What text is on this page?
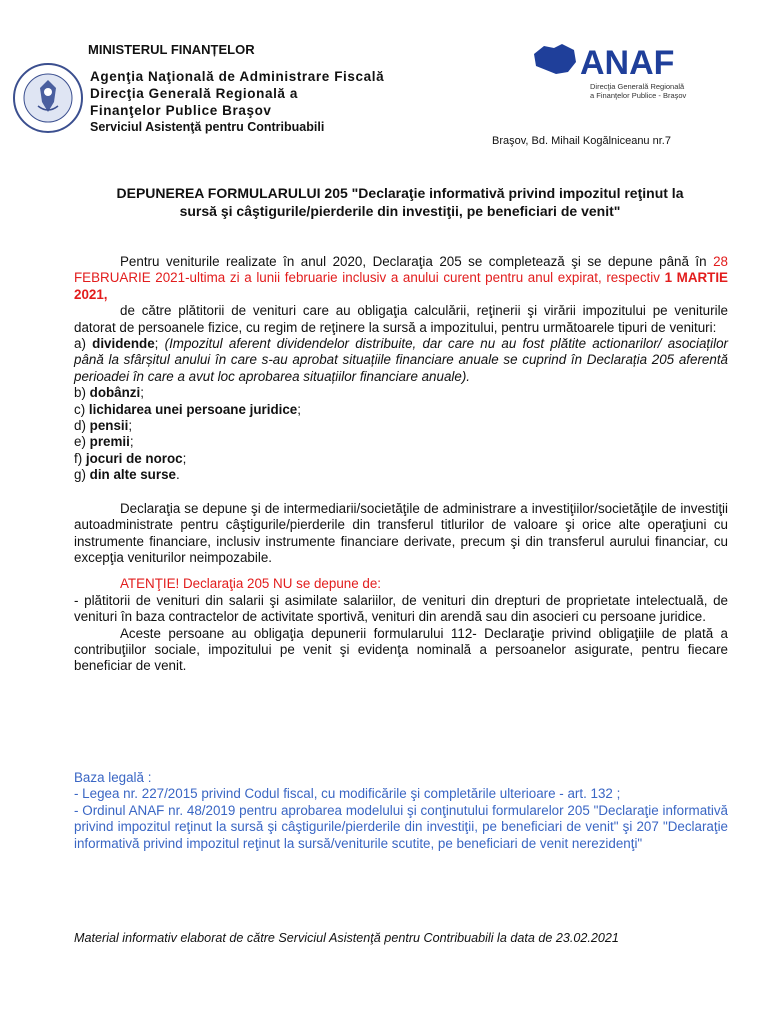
MINISTERUL FINANȚELOR
Agenţia Naţională de Administrare Fiscală
Direcţia Generală Regională a
Finanţelor Publice Braşov
Serviciul Asistenţă pentru Contribuabili
ANAF
Direcţia Generală Regională
a Finanţelor Publice - Braşov
Braşov, Bd. Mihail Kogălniceanu nr.7
DEPUNEREA FORMULARULUI 205 "Declaraţie informativă privind impozitul reţinut la
sursă şi câştigurile/pierderile din investiţii, pe beneficiari de venit"

Pentru veniturile realizate în anul 2020, Declaraţia 205 se completează şi se depune până în 28 FEBRUARIE 2021-ultima zi a lunii februarie inclusiv a anului curent pentru anul expirat, respectiv 1 MARTIE 2021,

de către plătitorii de venituri care au obligaţia calculării, reţinerii şi virării impozitului pe veniturile datorat de persoanele fizice, cu regim de reţinere la sursă a impozitului, pentru următoarele tipuri de venituri:

a) dividende; (Impozitul aferent dividendelor distribuite, dar care nu au fost plătite actionarilor/ asociaților până la sfârșitul anului în care s-au aprobat situațiile financiare anuale se cuprind în Declarația 205 aferentă perioadei în care a avut loc aprobarea situațiilor financiare anuale).

b) dobânzi;

c) lichidarea unei persoane juridice;

d) pensii;

e) premii;

f) jocuri de noroc;

g) din alte surse.

Declaraţia se depune şi de intermediarii/societăţile de administrare a investiţiilor/societăţile de investiţii autoadministrate pentru câştigurile/pierderile din transferul titlurilor de valoare şi orice alte operaţiuni cu instrumente financiare, inclusiv instrumente financiare derivate, precum şi din transferul aurului financiar, cu excepţia veniturilor neimpozabile.

ATENŢIE! Declaraţia 205 NU se depune de:

- plătitorii de venituri din salarii şi asimilate salariilor, de venituri din drepturi de proprietate intelectuală, de venituri în baza contractelor de activitate sportivă, venituri din arendă sau din asocieri cu persoane juridice.

Aceste persoane au obligaţia depunerii formularului 112- Declaraţie privind obligaţiile de plată a contribuţiilor sociale, impozitului pe venit şi evidenţa nominală a persoanelor asigurate, pentru fiecare beneficiar de venit.

Baza legală :

- Legea nr. 227/2015 privind Codul fiscal, cu modificările şi completările ulterioare - art. 132 ;

- Ordinul ANAF nr. 48/2019 pentru aprobarea modelului şi conţinutului formularelor 205 "Declaraţie informativă privind impozitul reţinut la sursă şi câştigurile/pierderile din investiţii, pe beneficiari de venit" şi 207 "Declaraţie informativă privind impozitul reţinut la sursă/veniturile scutite, pe beneficiari de venit nerezidenţi"

Material informativ elaborat de către Serviciul Asistenţă pentru Contribuabili la data de 23.02.2021
